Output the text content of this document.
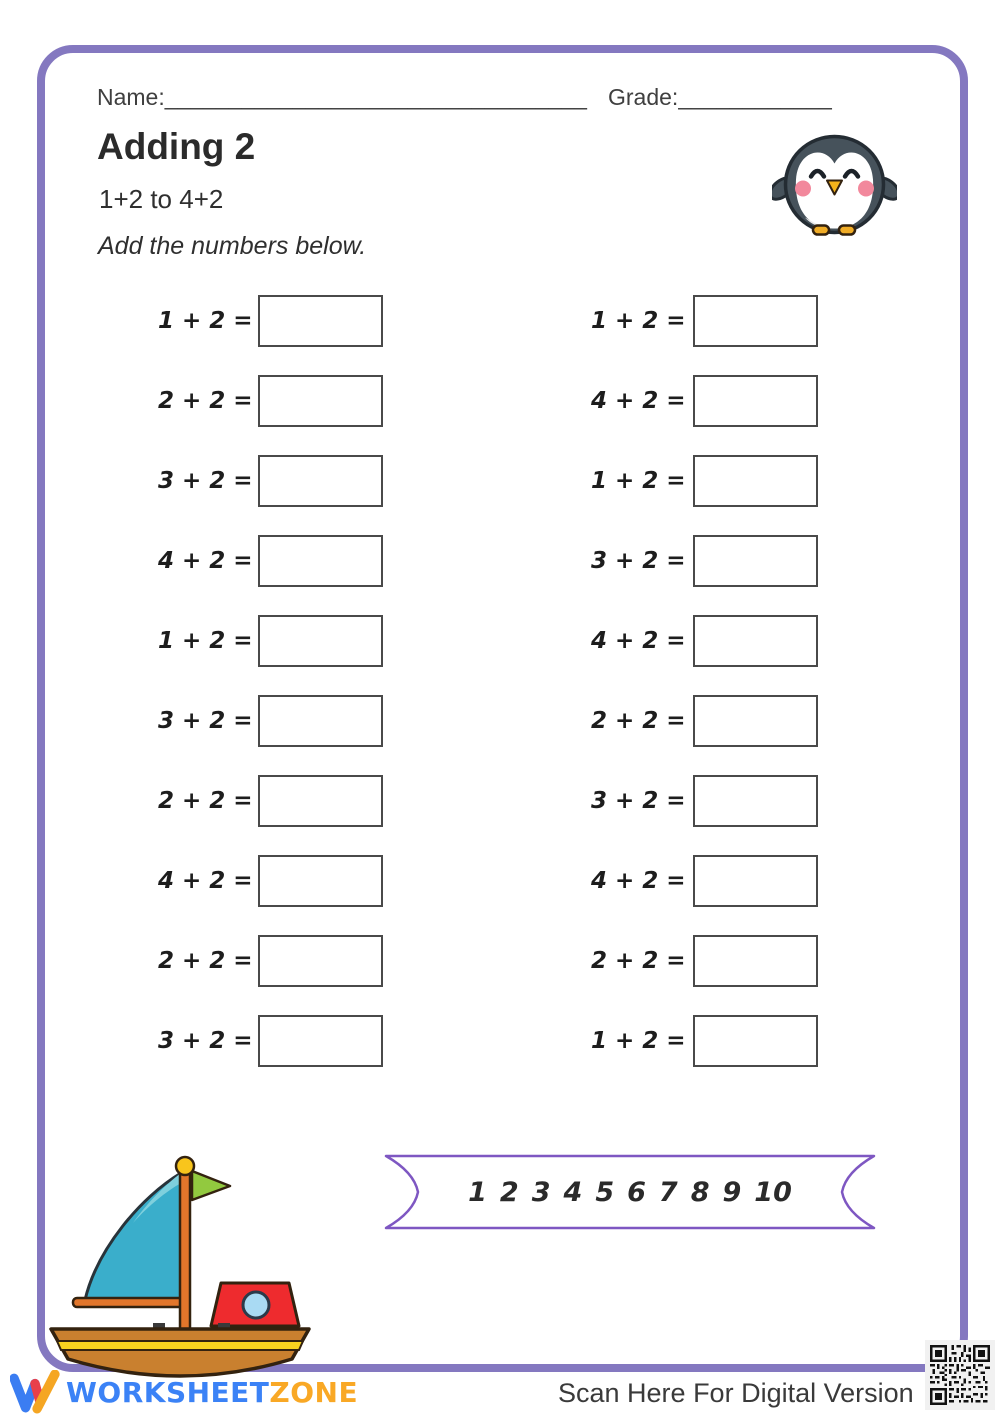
Name:_________________________________ Grade:____________
Adding 2
1+2 to 4+2
Add the numbers below.
1 + 2 =
2 + 2 =
3 + 2 =
4 + 2 =
1 + 2 =
3 + 2 =
2 + 2 =
4 + 2 =
2 + 2 =
3 + 2 =
1 + 2 =
4 + 2 =
1 + 2 =
3 + 2 =
4 + 2 =
2 + 2 =
3 + 2 =
4 + 2 =
2 + 2 =
1 + 2 =
1 2 3 4 5 6 7 8 9 10
WORKSHEETZONE	Scan Here For Digital Version
